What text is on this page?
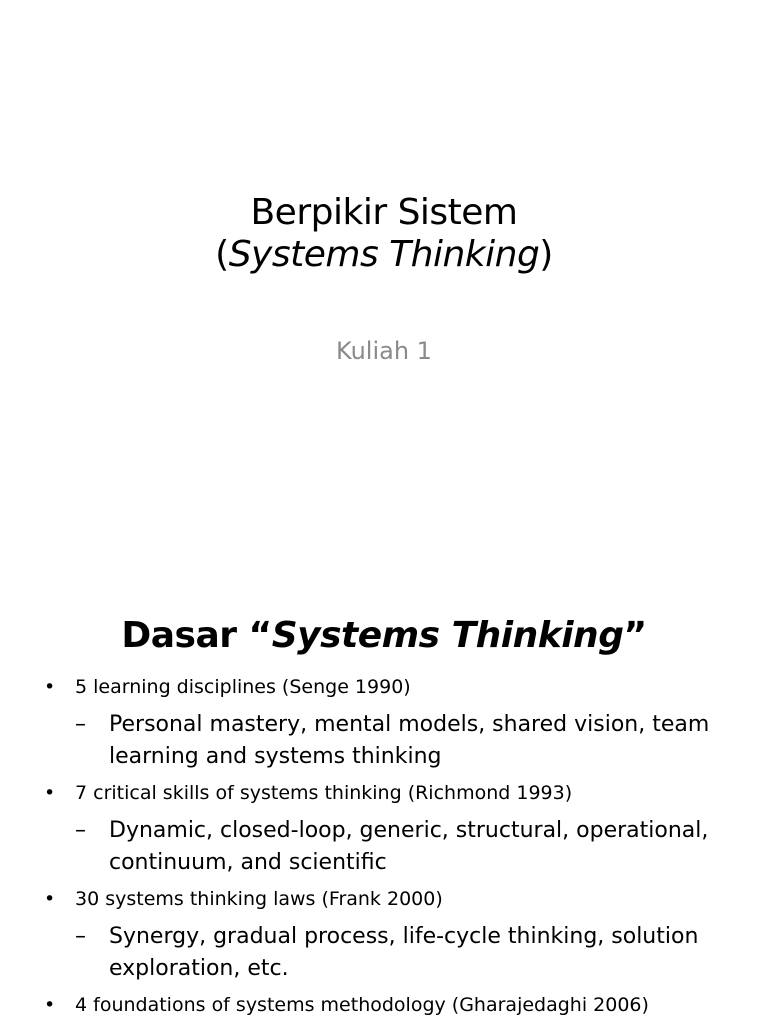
Berpikir Sistem
(Systems Thinking)
Kuliah 1
Dasar “Systems Thinking”
• 5 learning disciplines (Senge 1990)
– Personal mastery, mental models, shared vision, team learning and systems thinking
• 7 critical skills of systems thinking (Richmond 1993)
– Dynamic, closed-loop, generic, structural, operational, continuum, and scientific
• 30 systems thinking laws (Frank 2000)
– Synergy, gradual process, life-cycle thinking, solution exploration, etc.
• 4 foundations of systems methodology (Gharajedaghi 2006)
